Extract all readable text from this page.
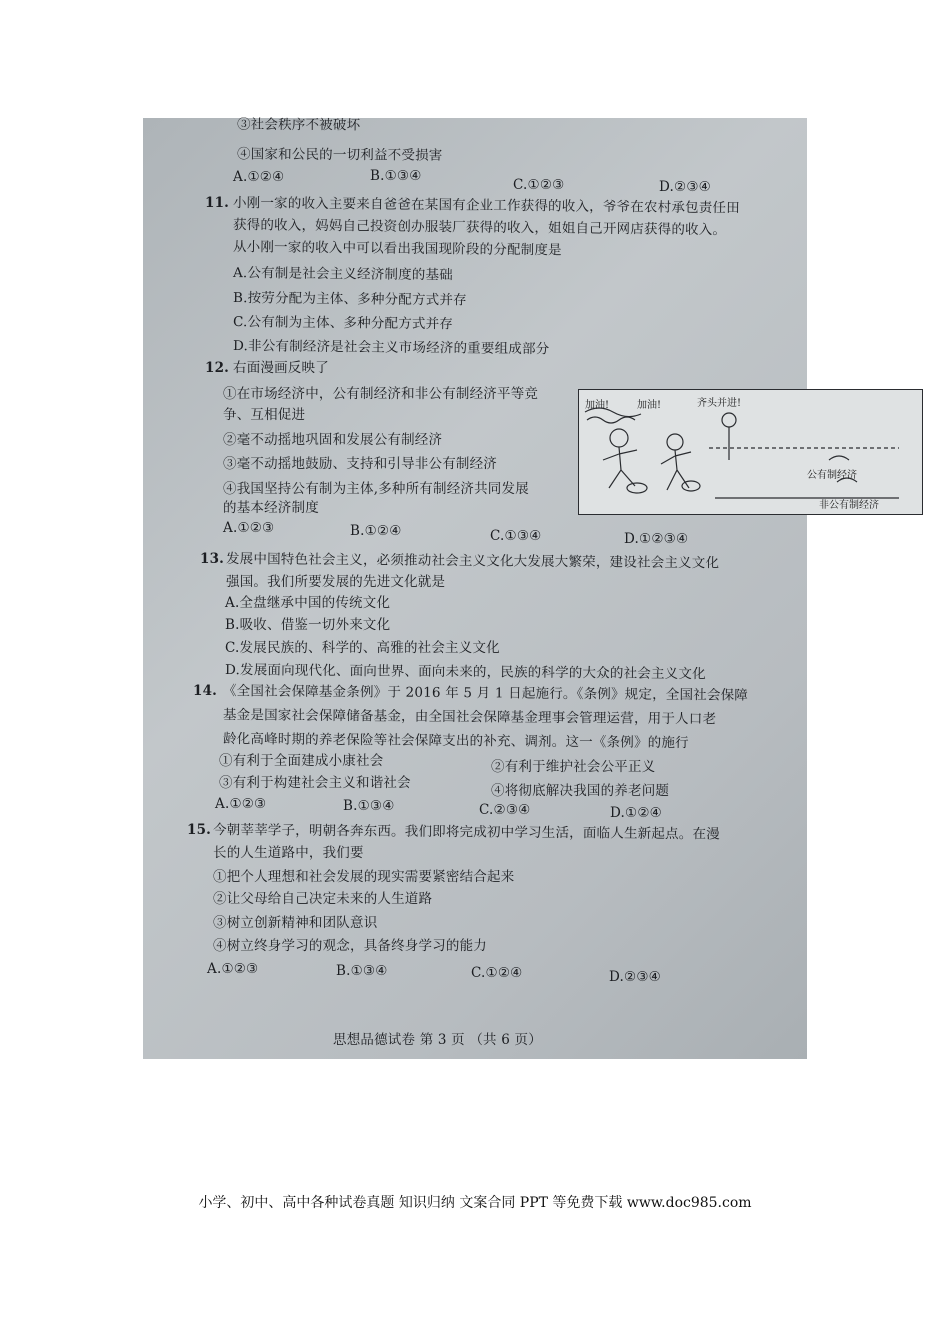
③社会秩序不被破坏
④国家和公民的一切利益不受损害
A.①②④	B.①③④
C.①②③	D.②③④
11. 小刚一家的收入主要来自爸爸在某国有企业工作获得的收入，爷爷在农村承包责任田
获得的收入，妈妈自己投资创办服装厂获得的收入，姐姐自己开网店获得的收入。
从小刚一家的收入中可以看出我国现阶段的分配制度是
A.公有制是社会主义经济制度的基础
B.按劳分配为主体、多种分配方式并存
C.公有制为主体、多种分配方式并存
D.非公有制经济是社会主义市场经济的重要组成部分
12. 右面漫画反映了
①在市场经济中，公有制经济和非公有制经济平等竞
争、互相促进
②毫不动摇地巩固和发展公有制经济
③毫不动摇地鼓励、支持和引导非公有制经济
④我国坚持公有制为主体,多种所有制经济共同发展
的基本经济制度
A.①②③	B.①②④	C.①③④	D.①②③④
加油!	加油!	齐头并进!
公有制经济
非公有制经济
13. 发展中国特色社会主义，必须推动社会主义文化大发展大繁荣，建设社会主义文化
强国。我们所要发展的先进文化就是
A.全盘继承中国的传统文化
B.吸收、借鉴一切外来文化
C.发展民族的、科学的、高雅的社会主义文化
D.发展面向现代化、面向世界、面向未来的，民族的科学的大众的社会主义文化
14. 《全国社会保障基金条例》于 2016 年 5 月 1 日起施行。《条例》规定，全国社会保障
基金是国家社会保障储备基金，由全国社会保障基金理事会管理运营，用于人口老
龄化高峰时期的养老保险等社会保障支出的补充、调剂。这一《条例》的施行
①有利于全面建成小康社会	②有利于维护社会公平正义
③有利于构建社会主义和谐社会	④将彻底解决我国的养老问题
A.①②③	B.①③④	C.②③④	D.①②④
15. 今朝莘莘学子，明朝各奔东西。我们即将完成初中学习生活，面临人生新起点。在漫
长的人生道路中，我们要
①把个人理想和社会发展的现实需要紧密结合起来
②让父母给自己决定未来的人生道路
③树立创新精神和团队意识
④树立终身学习的观念，具备终身学习的能力
A.①②③	B.①③④	C.①②④	D.②③④
思想品德试卷 第 3 页 （共 6 页）
小学、初中、高中各种试卷真题 知识归纳 文案合同 PPT 等免费下载 www.doc985.com
